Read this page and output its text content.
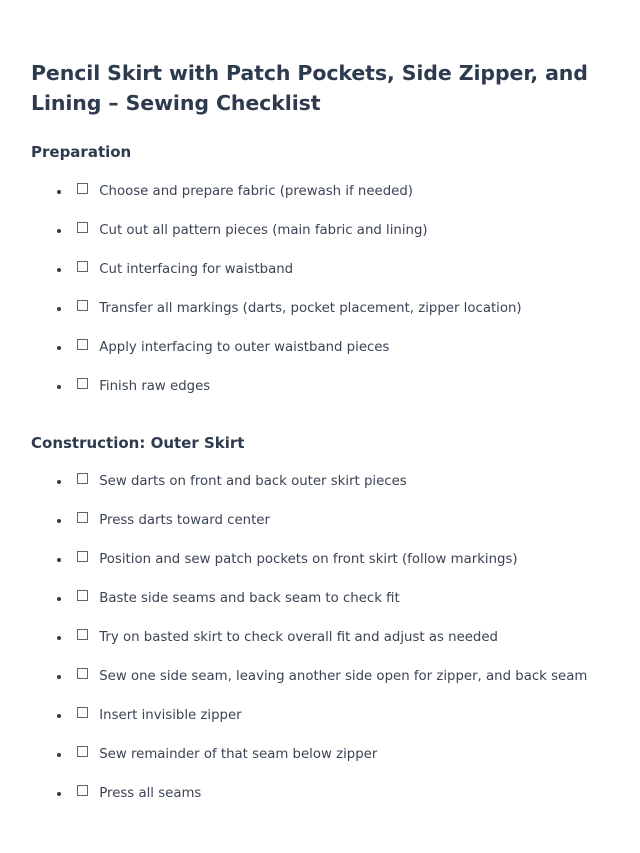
Pencil Skirt with Patch Pockets, Side Zipper, and Lining – Sewing Checklist
Preparation
Choose and prepare fabric (prewash if needed)
Cut out all pattern pieces (main fabric and lining)
Cut interfacing for waistband
Transfer all markings (darts, pocket placement, zipper location)
Apply interfacing to outer waistband pieces
Finish raw edges
Construction: Outer Skirt
Sew darts on front and back outer skirt pieces
Press darts toward center
Position and sew patch pockets on front skirt (follow markings)
Baste side seams and back seam to check fit
Try on basted skirt to check overall fit and adjust as needed
Sew one side seam, leaving another side open for zipper, and back seam
Insert invisible zipper
Sew remainder of that seam below zipper
Press all seams
